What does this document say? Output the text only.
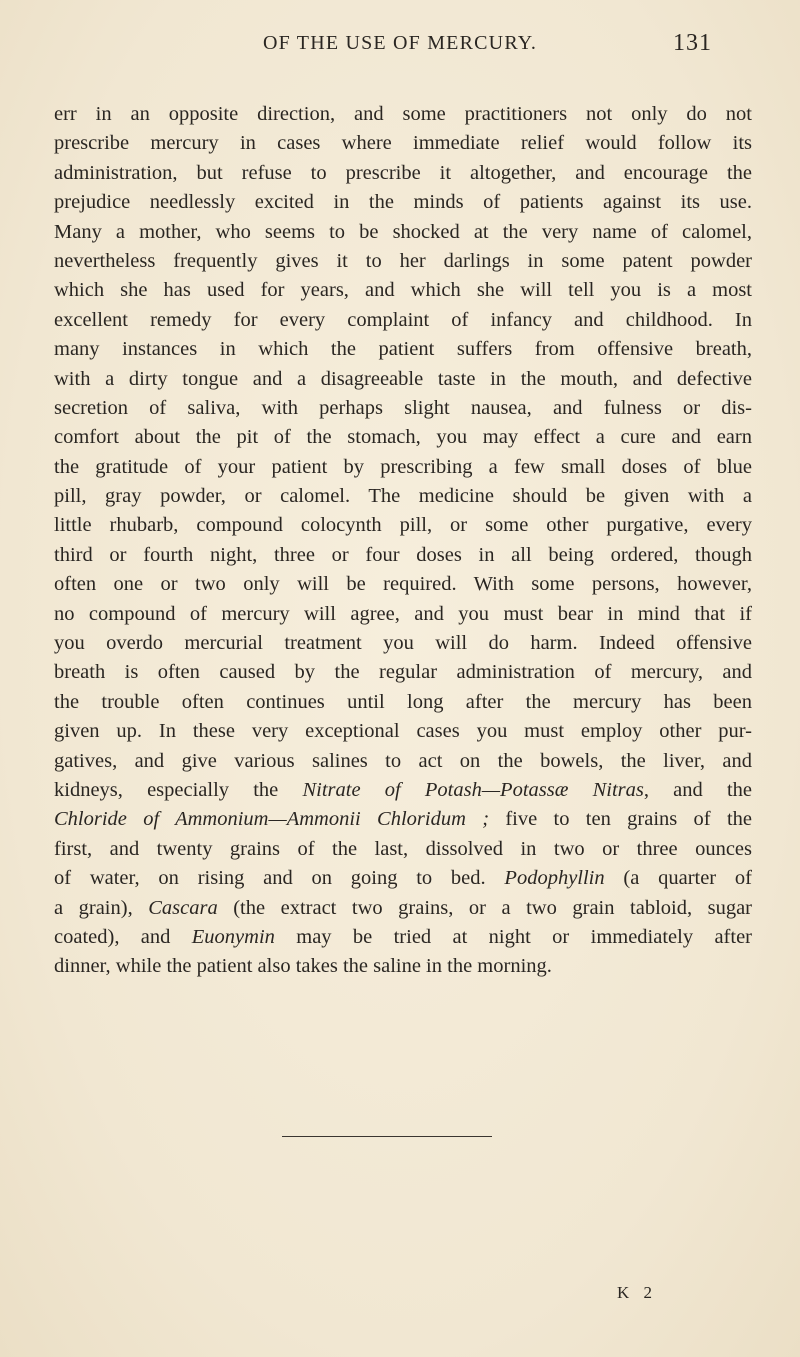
OF THE USE OF MERCURY.	131
err in an opposite direction, and some practitioners not only do not
prescribe mercury in cases where immediate relief would follow its
administration, but refuse to prescribe it altogether, and encourage the
prejudice needlessly excited in the minds of patients against its use.
Many a mother, who seems to be shocked at the very name of calomel,
nevertheless frequently gives it to her darlings in some patent powder
which she has used for years, and which she will tell you is a most
excellent remedy for every complaint of infancy and childhood. In
many instances in which the patient suffers from offensive breath,
with a dirty tongue and a disagreeable taste in the mouth, and defective
secretion of saliva, with perhaps slight nausea, and fulness or dis-
comfort about the pit of the stomach, you may effect a cure and earn
the gratitude of your patient by prescribing a few small doses of blue
pill, gray powder, or calomel. The medicine should be given with a
little rhubarb, compound colocynth pill, or some other purgative, every
third or fourth night, three or four doses in all being ordered, though
often one or two only will be required. With some persons, however,
no compound of mercury will agree, and you must bear in mind that if
you overdo mercurial treatment you will do harm. Indeed offensive
breath is often caused by the regular administration of mercury, and
the trouble often continues until long after the mercury has been
given up. In these very exceptional cases you must employ other pur-
gatives, and give various salines to act on the bowels, the liver, and
kidneys, especially the Nitrate of Potash—Potassæ Nitras, and the
Chloride of Ammonium—Ammonii Chloridum ; five to ten grains of the
first, and twenty grains of the last, dissolved in two or three ounces
of water, on rising and on going to bed. Podophyllin (a quarter of
a grain), Cascara (the extract two grains, or a two grain tabloid, sugar
coated), and Euonymin may be tried at night or immediately after
dinner, while the patient also takes the saline in the morning.
K 2
